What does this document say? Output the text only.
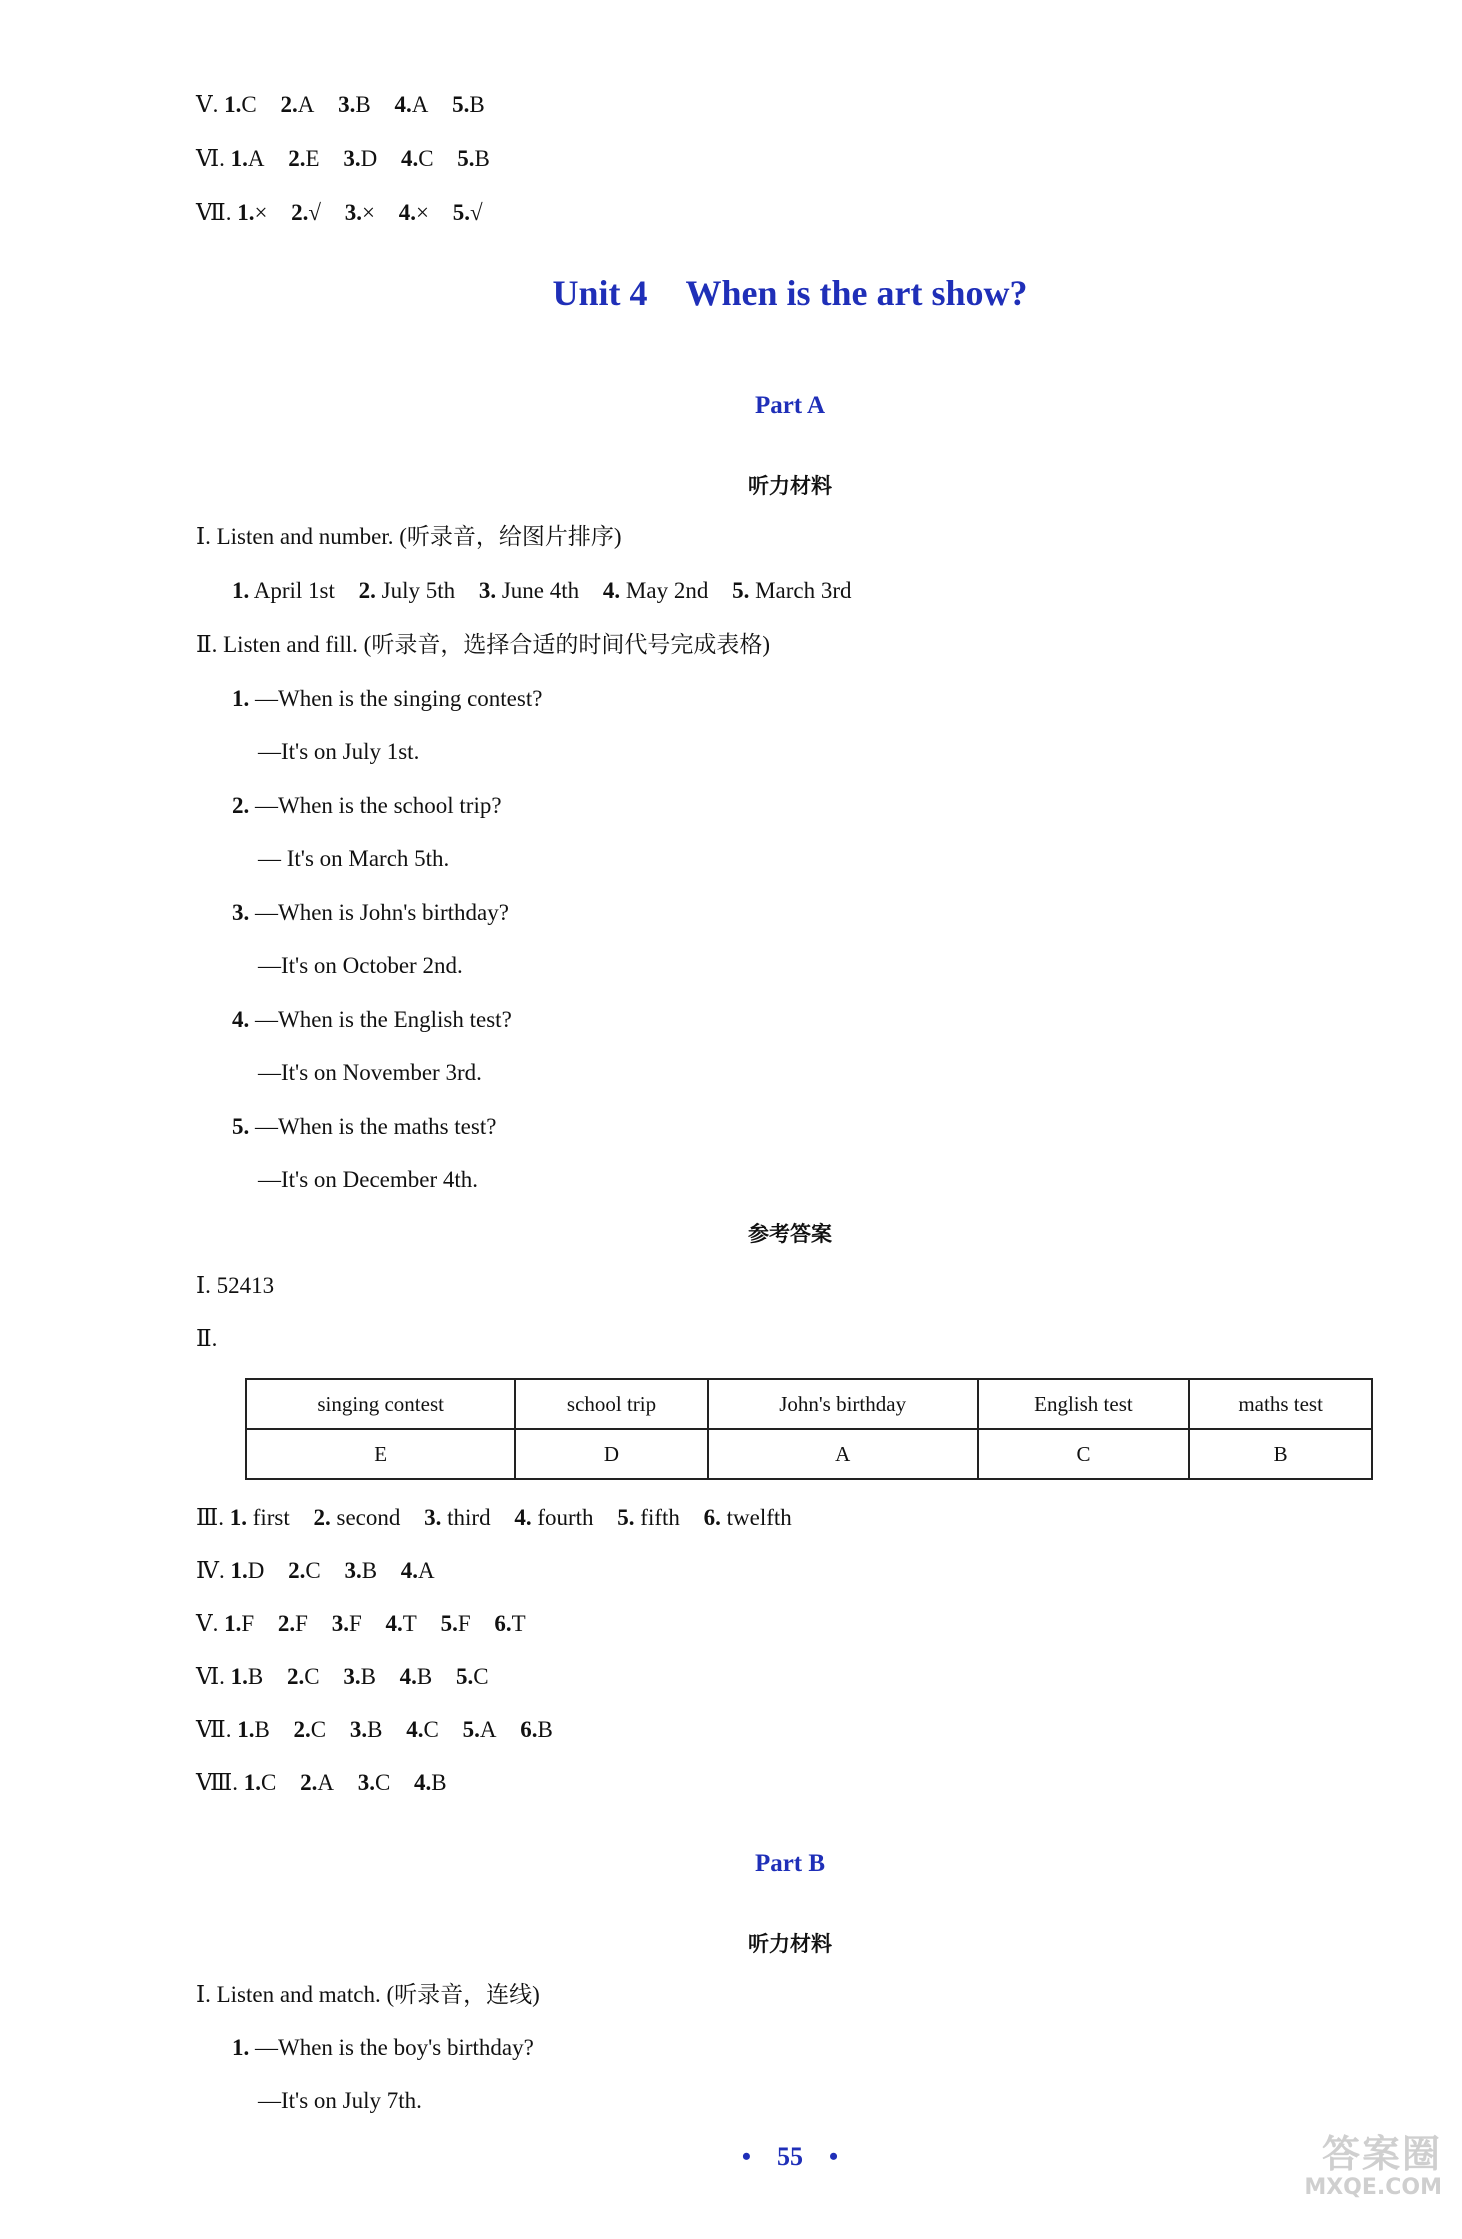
Ⅴ. 1.C 2.A 3.B 4.A 5.B
Ⅵ. 1.A 2.E 3.D 4.C 5.B
Ⅶ. 1.× 2.√ 3.× 4.× 5.√
Unit 4 When is the art show?
Part A
听力材料
Ⅰ. Listen and number. (听录音，给图片排序)
1. April 1st 2. July 5th 3. June 4th 4. May 2nd 5. March 3rd
Ⅱ. Listen and fill. (听录音，选择合适的时间代号完成表格)
1. —When is the singing contest?
—It's on July 1st.
2. —When is the school trip?
— It's on March 5th.
3. —When is John's birthday?
—It's on October 2nd.
4. —When is the English test?
—It's on November 3rd.
5. —When is the maths test?
—It's on December 4th.
参考答案
Ⅰ. 52413
Ⅱ.
singing contest	school trip	John's birthday	English test	maths test
E	D	A	C	B
Ⅲ. 1. first 2. second 3. third 4. fourth 5. fifth 6. twelfth
Ⅳ. 1.D 2.C 3.B 4.A
Ⅴ. 1.F 2.F 3.F 4.T 5.F 6.T
Ⅵ. 1.B 2.C 3.B 4.B 5.C
Ⅶ. 1.B 2.C 3.B 4.C 5.A 6.B
Ⅷ. 1.C 2.A 3.C 4.B
Part B
听力材料
Ⅰ. Listen and match. (听录音，连线)
1. —When is the boy's birthday?
—It's on July 7th.
• 55 •	答案圈
MXQE.COM
